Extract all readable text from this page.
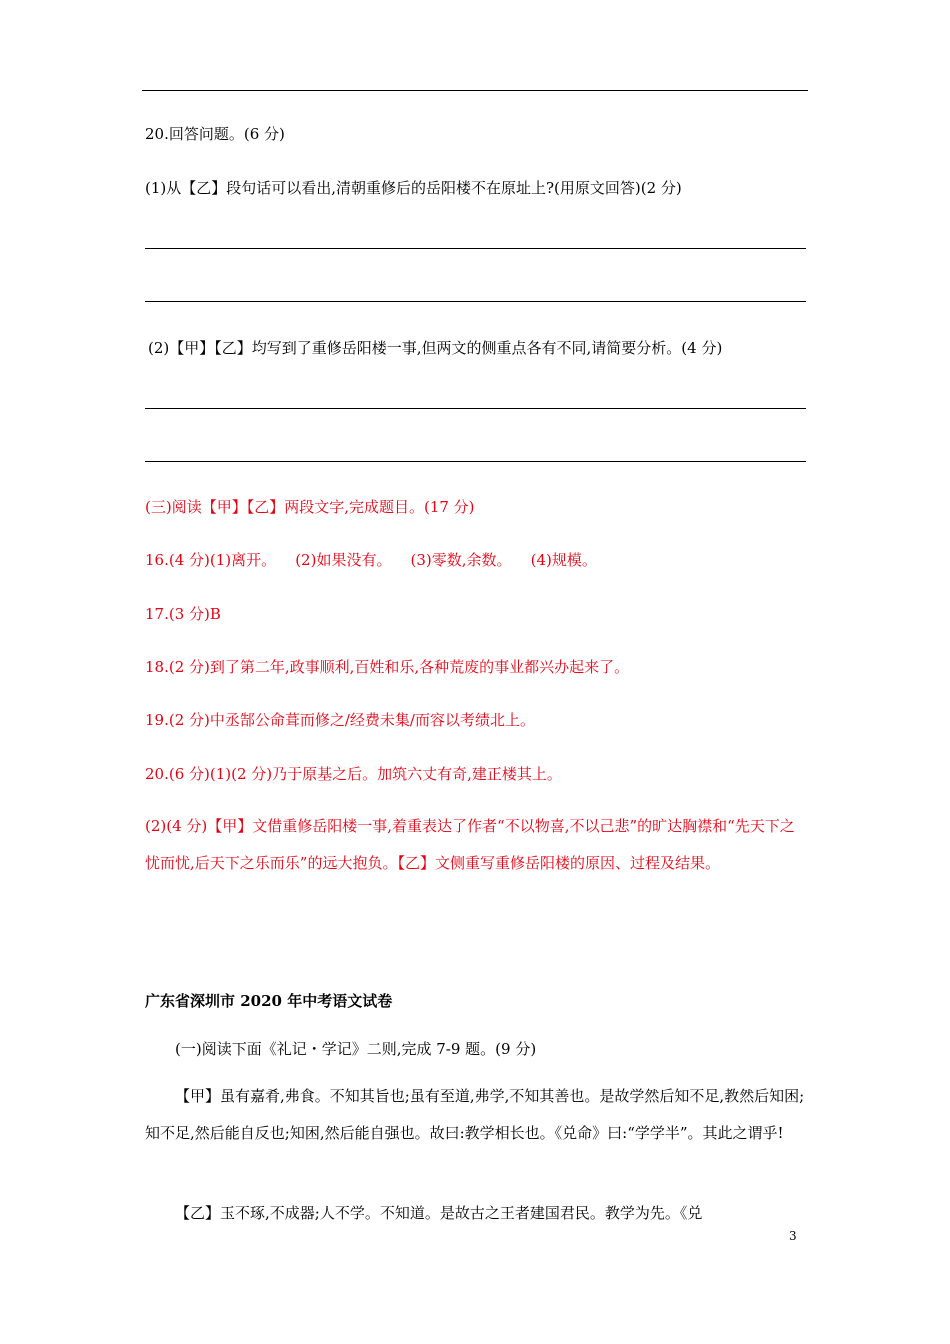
20.回答问题。(6 分)
(1)从【乙】段句话可以看出,清朝重修后的岳阳楼不在原址上?(用原文回答)(2 分)
(2)【甲】【乙】均写到了重修岳阳楼一事,但两文的侧重点各有不同,请简要分析。(4 分)
(三)阅读【甲】【乙】两段文字,完成题目。(17 分)
16.(4 分)(1)离开。    (2)如果没有。    (3)零数,余数。    (4)规模。
17.(3 分)B
18.(2 分)到了第二年,政事顺利,百姓和乐,各种荒废的事业都兴办起来了。
19.(2 分)中丞郜公命葺而修之/经费未集/而容以考绩北上。
20.(6 分)(1)(2 分)乃于原基之后。加筑六丈有奇,建正楼其上。
(2)(4 分)【甲】文借重修岳阳楼一事,着重表达了作者“不以物喜,不以己悲”的旷达胸襟和“先天下之忧而忧,后天下之乐而乐”的远大抱负。【乙】文侧重写重修岳阳楼的原因、过程及结果。
广东省深圳市 2020 年中考语文试卷
(一)阅读下面《礼记・学记》二则,完成 7-9 题。(9 分)
【甲】虽有嘉肴,弗食。不知其旨也;虽有至道,弗学,不知其善也。是故学然后知不足,教然后知困;知不足,然后能自反也;知困,然后能自强也。故曰:教学相长也。《兑命》曰:“学学半”。其此之谓乎!
【乙】玉不琢,不成器;人不学。不知道。是故古之王者建国君民。教学为先。《兑
3
